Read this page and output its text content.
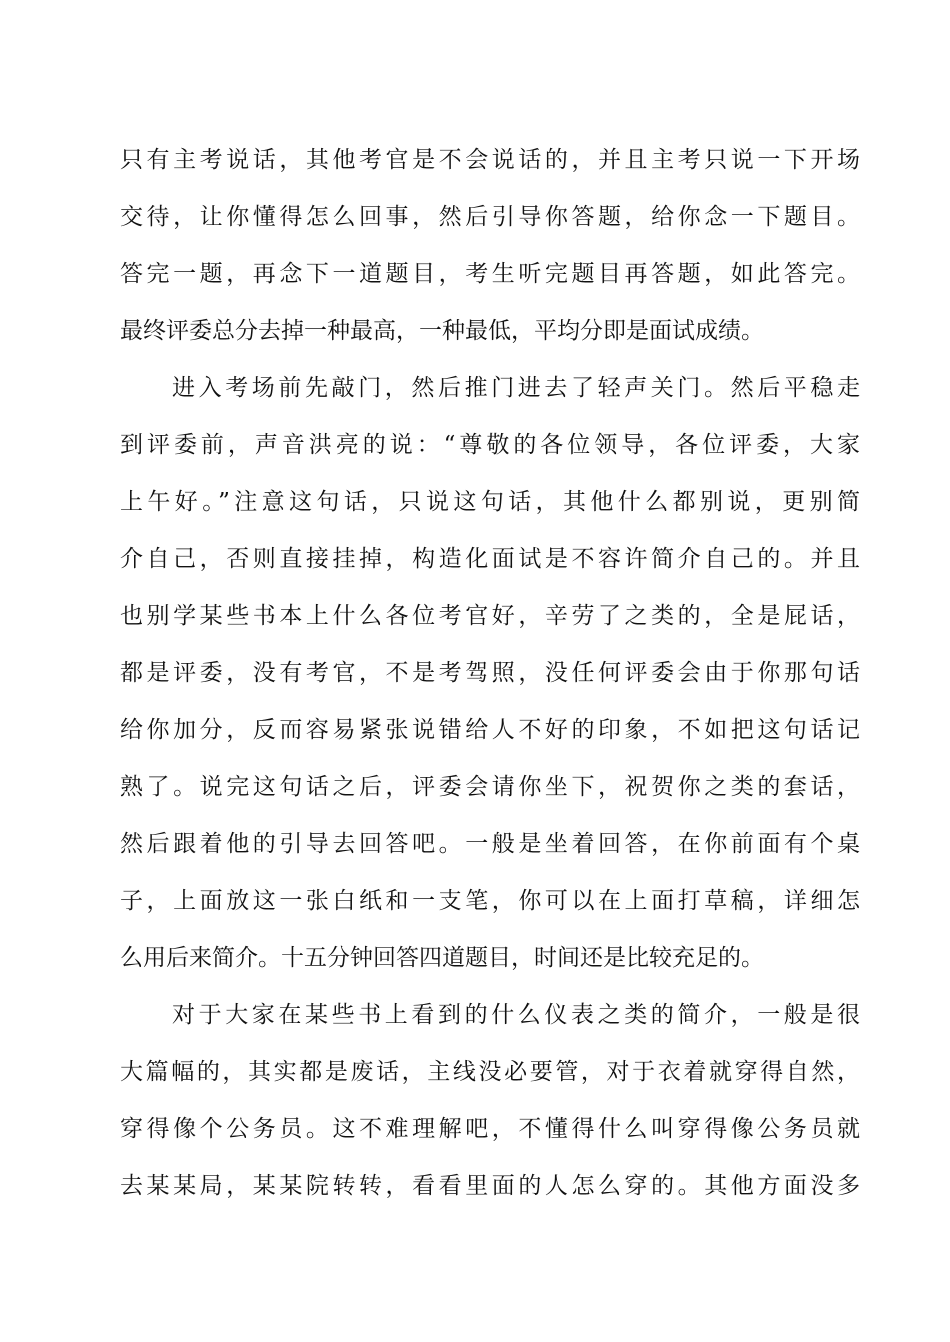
只有主考说话，其他考官是不会说话的，并且主考只说一下开场
交待，让你懂得怎么回事，然后引导你答题，给你念一下题目。
答完一题，再念下一道题目，考生听完题目再答题，如此答完。
最终评委总分去掉一种最高，一种最低，平均分即是面试成绩。
进入考场前先敲门，然后推门进去了轻声关门。然后平稳走
到评委前，声音洪亮的说：“尊敬的各位领导，各位评委，大家
上午好。”注意这句话，只说这句话，其他什么都别说，更别简
介自己，否则直接挂掉，构造化面试是不容许简介自己的。并且
也别学某些书本上什么各位考官好，辛劳了之类的，全是屁话，
都是评委，没有考官，不是考驾照，没任何评委会由于你那句话
给你加分，反而容易紧张说错给人不好的印象，不如把这句话记
熟了。说完这句话之后，评委会请你坐下，祝贺你之类的套话，
然后跟着他的引导去回答吧。一般是坐着回答，在你前面有个桌
子，上面放这一张白纸和一支笔，你可以在上面打草稿，详细怎
么用后来简介。十五分钟回答四道题目，时间还是比较充足的。
对于大家在某些书上看到的什么仪表之类的简介，一般是很
大篇幅的，其实都是废话，主线没必要管，对于衣着就穿得自然，
穿得像个公务员。这不难理解吧，不懂得什么叫穿得像公务员就
去某某局，某某院转转，看看里面的人怎么穿的。其他方面没多
